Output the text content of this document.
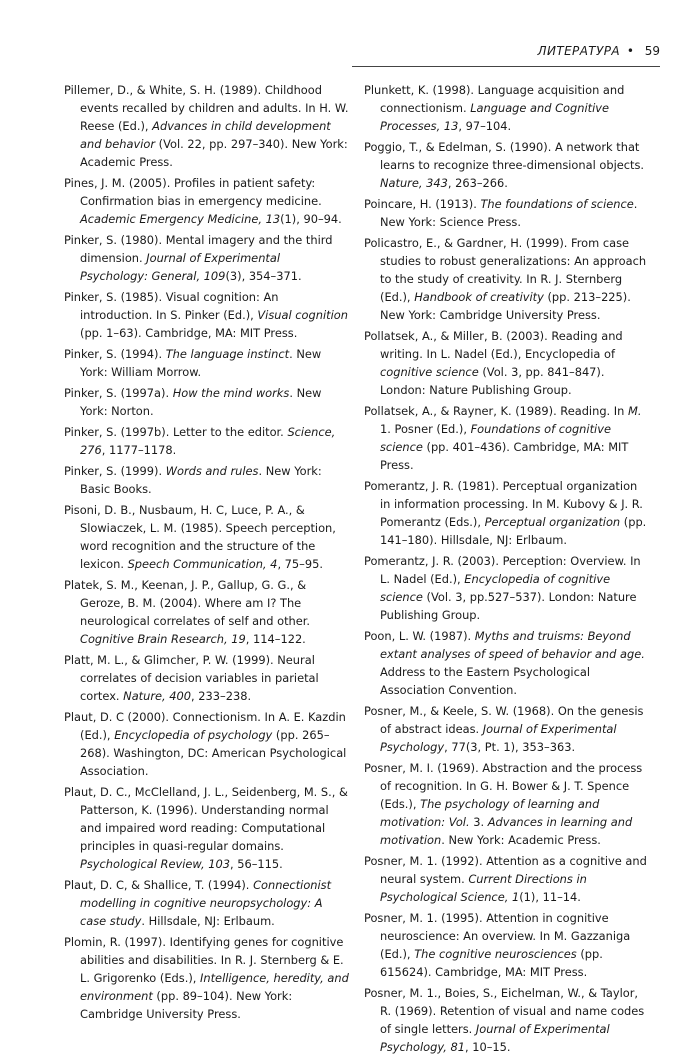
ЛИТЕРАТУРА • 59

Pillemer, D., & White, S. H. (1989). Childhood events recalled by children and adults. In H. W. Reese (Ed.), Advances in child development and behavior (Vol. 22, pp. 297–340). New York: Academic Press.

Pines, J. M. (2005). Profiles in patient safety: Confirmation bias in emergency medicine. Academic Emergency Medicine, 13(1), 90–94.

Pinker, S. (1980). Mental imagery and the third dimension. Journal of Experimental Psychology: General, 109(3), 354–371.

Pinker, S. (1985). Visual cognition: An introduction. In S. Pinker (Ed.), Visual cognition (pp. 1–63). Cambridge, MA: MIT Press.

Pinker, S. (1994). The language instinct. New York: William Morrow.

Pinker, S. (1997a). How the mind works. New York: Norton.

Pinker, S. (1997b). Letter to the editor. Science, 276, 1177–1178.

Pinker, S. (1999). Words and rules. New York: Basic Books.

Pisoni, D. B., Nusbaum, H. C, Luce, P. A., & Slowiaczek, L. M. (1985). Speech perception, word recognition and the structure of the lexicon. Speech Communication, 4, 75–95.

Platek, S. M., Keenan, J. P., Gallup, G. G., & Geroze, B. M. (2004). Where am I? The neurological correlates of self and other. Cognitive Brain Research, 19, 114–122.

Platt, M. L., & Glimcher, P. W. (1999). Neural correlates of decision variables in parietal cortex. Nature, 400, 233–238.

Plaut, D. C (2000). Connectionism. In A. E. Kazdin (Ed.), Encyclopedia of psychology (pp. 265–268). Washington, DC: American Psychological Association.

Plaut, D. C., McClelland, J. L., Seidenberg, M. S., & Patterson, K. (1996). Understanding normal and impaired word reading: Computational principles in quasi-regular domains. Psychological Review, 103, 56–115.

Plaut, D. C, & Shallice, T. (1994). Connectionist modelling in cognitive neuropsychology: A case study. Hillsdale, NJ: Erlbaum.

Plomin, R. (1997). Identifying genes for cognitive abilities and disabilities. In R. J. Sternberg & E. L. Grigorenko (Eds.), Intelligence, heredity, and environment (pp. 89–104). New York: Cambridge University Press.

Plunkett, K. (1998). Language acquisition and connectionism. Language and Cognitive Processes, 13, 97–104.

Poggio, T., & Edelman, S. (1990). A network that learns to recognize three-dimensional objects. Nature, 343, 263–266.

Poincare, H. (1913). The foundations of science. New York: Science Press.

Policastro, E., & Gardner, H. (1999). From case studies to robust generalizations: An approach to the study of creativity. In R. J. Sternberg (Ed.), Handbook of creativity (pp. 213–225). New York: Cambridge University Press.

Pollatsek, A., & Miller, B. (2003). Reading and writing. In L. Nadel (Ed.), Encyclopedia of cognitive science (Vol. 3, pp. 841–847). London: Nature Publishing Group.

Pollatsek, A., & Rayner, K. (1989). Reading. In M. 1. Posner (Ed.), Foundations of cognitive science (pp. 401–436). Cambridge, MA: MIT Press.

Pomerantz, J. R. (1981). Perceptual organization in information processing. In M. Kubovy & J. R. Pomerantz (Eds.), Perceptual organization (pp. 141–180). Hillsdale, NJ: Erlbaum.

Pomerantz, J. R. (2003). Perception: Overview. In L. Nadel (Ed.), Encyclopedia of cognitive science (Vol. 3, pp.527–537). London: Nature Publishing Group.

Poon, L. W. (1987). Myths and truisms: Beyond extant analyses of speed of behavior and age. Address to the Eastern Psychological Association Convention.

Posner, M., & Keele, S. W. (1968). On the genesis of abstract ideas. Journal of Experimental Psychology, 77(3, Pt. 1), 353–363.

Posner, M. I. (1969). Abstraction and the process of recognition. In G. H. Bower & J. T. Spence (Eds.), The psychology of learning and motivation: Vol. 3. Advances in learning and motivation. New York: Academic Press.

Posner, M. 1. (1992). Attention as a cognitive and neural system. Current Directions in Psychological Science, 1(1), 11–14.

Posner, M. 1. (1995). Attention in cognitive neuroscience: An overview. In M. Gazzaniga (Ed.), The cognitive neurosciences (pp. 615624). Cambridge, MA: MIT Press.

Posner, M. 1., Boies, S., Eichelman, W., & Taylor, R. (1969). Retention of visual and name codes of single letters. Journal of Experimental Psychology, 81, 10–15.
